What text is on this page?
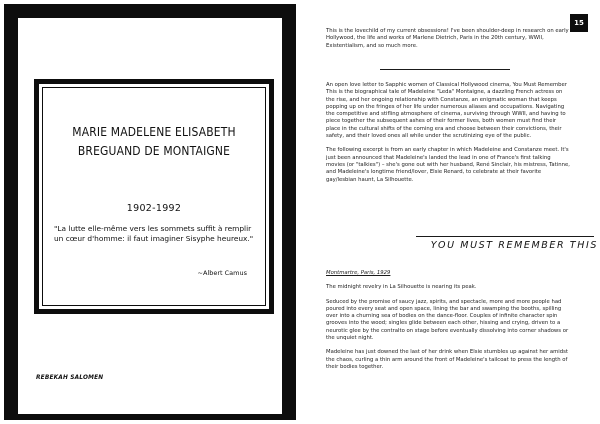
MARIE MADELENE ELISABETH
BREGUAND DE MONTAIGNE
1902-1992
"La lutte elle-même vers les sommets suffit à remplir un cœur d'homme: il faut imaginer Sisyphe heureux."
~Albert Camus
REBEKAH SALOMEN
15

This is the lovechild of my current obsessions! I've been shoulder-deep in research on early Hollywood, the life and works of Marlene Dietrich, Paris in the 20th century, WWII, Existentialism, and so much more.

An open love letter to Sapphic women of Classical Hollywood cinema, You Must Remember This is the biographical tale of Madeleine "Leda" Montaigne, a dazzling French actress on the rise, and her ongoing relationship with Constanze, an enigmatic woman that keeps popping up on the fringes of her life under numerous aliases and occupations. Navigating the competitive and stifling atmosphere of cinema, surviving through WWII, and having to piece together the subsequent ashes of their former lives, both women must find their place in the cultural shifts of the coming era and choose between their convictions, their safety, and their loved ones all while under the scrutinizing eye of the public.

The following excerpt is from an early chapter in which Madeleine and Constanze meet. It's just been announced that Madeleine's landed the lead in one of France's first talking movies (or "talkies") – she's gone out with her husband, René Sinclair, his mistress, Tatinne, and Madeleine's longtime friend/lover, Elsie Renard, to celebrate at their favorite gay/lesbian haunt, La Silhouette.

YOU MUST REMEMBER THIS

Montmartre, Paris, 1929

The midnight revelry in La Silhouette is nearing its peak.

Seduced by the promise of saucy jazz, spirits, and spectacle, more and more people had poured into every seat and open space, lining the bar and swamping the booths, spilling over into a churning sea of bodies on the dance-floor. Couples of infinite character spin grooves into the wood; singles glide between each other, hissing and crying, driven to a neurotic glee by the contralto on stage before eventually dissolving into corner shadows or the unquiet night.

Madeleine has just downed the last of her drink when Elsie stumbles up against her amidst the chaos, curling a thin arm around the front of Madeleine's tailcoat to press the length of their bodies together.
